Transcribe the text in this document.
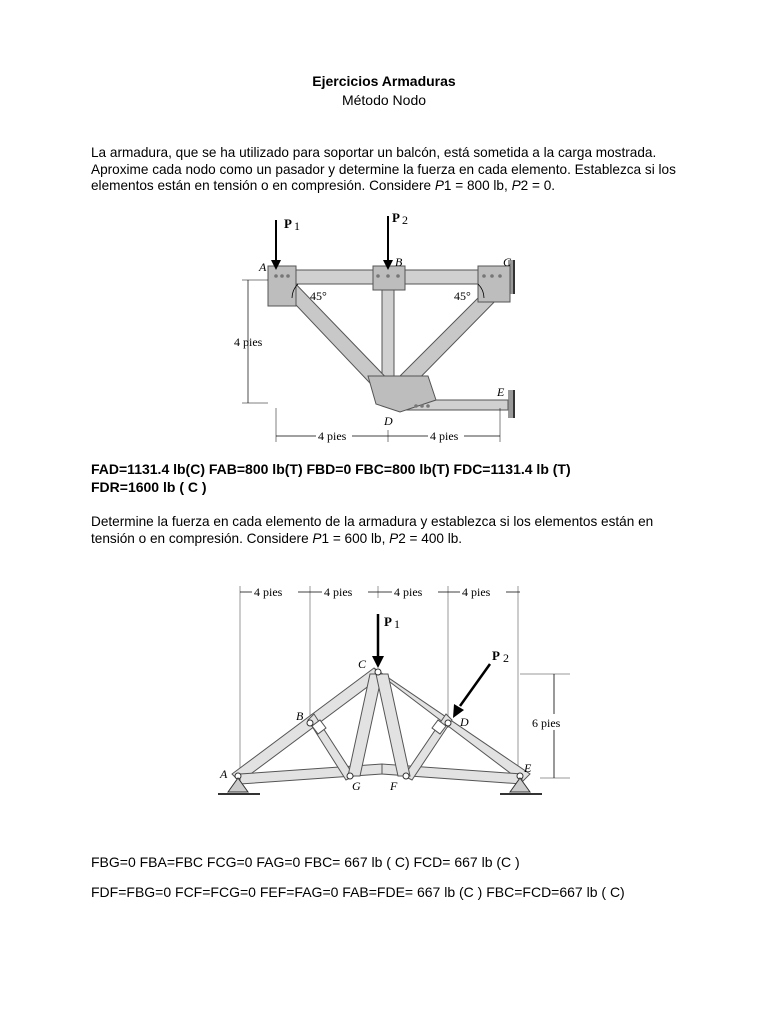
Ejercicios Armaduras
Método Nodo
La armadura, que se ha utilizado para soportar un balcón, está sometida a la carga mostrada.
Aproxime cada nodo como un pasador y determine la fuerza en cada elemento. Establezca si los
elementos están en tensión o en compresión. Considere P1 = 800 lb, P2 = 0.
P 1
P 2
A	B	C
D
E
45°	45°
4 pies
4 pies	4 pies
FAD=1131.4 lb(C) FAB=800 lb(T) FBD=0 FBC=800 lb(T) FDC=1131.4 lb (T)
FDR=1600 lb ( C )
Determine la fuerza en cada elemento de la armadura y establezca si los elementos están en
tensión o en compresión. Considere P1 = 600 lb, P2 = 400 lb.
4 pies	4 pies	4 pies	4 pies
P 1
P 2
A
B
C
D
E
F
G
6 pies
FBG=0 FBA=FBC FCG=0 FAG=0 FBC= 667 lb ( C) FCD= 667 lb (C )
FDF=FBG=0 FCF=FCG=0 FEF=FAG=0 FAB=FDE= 667 lb (C ) FBC=FCD=667 lb ( C)
